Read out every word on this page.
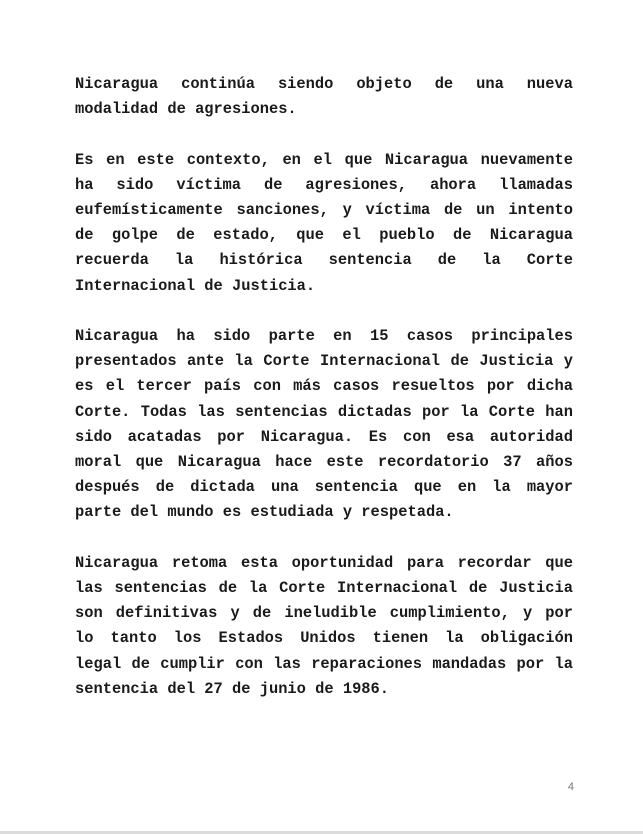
Nicaragua continúa siendo objeto de una nueva modalidad de agresiones.

Es en este contexto, en el que Nicaragua nuevamente ha sido víctima de agresiones, ahora llamadas eufemísticamente sanciones, y víctima de un intento de golpe de estado, que el pueblo de Nicaragua recuerda la histórica sentencia de la Corte Internacional de Justicia.

Nicaragua ha sido parte en 15 casos principales presentados ante la Corte Internacional de Justicia y es el tercer país con más casos resueltos por dicha Corte. Todas las sentencias dictadas por la Corte han sido acatadas por Nicaragua. Es con esa autoridad moral que Nicaragua hace este recordatorio 37 años después de dictada una sentencia que en la mayor parte del mundo es estudiada y respetada.

Nicaragua retoma esta oportunidad para recordar que las sentencias de la Corte Internacional de Justicia son definitivas y de ineludible cumplimiento, y por lo tanto los Estados Unidos tienen la obligación legal de cumplir con las reparaciones mandadas por la sentencia del 27 de junio de 1986.

4
